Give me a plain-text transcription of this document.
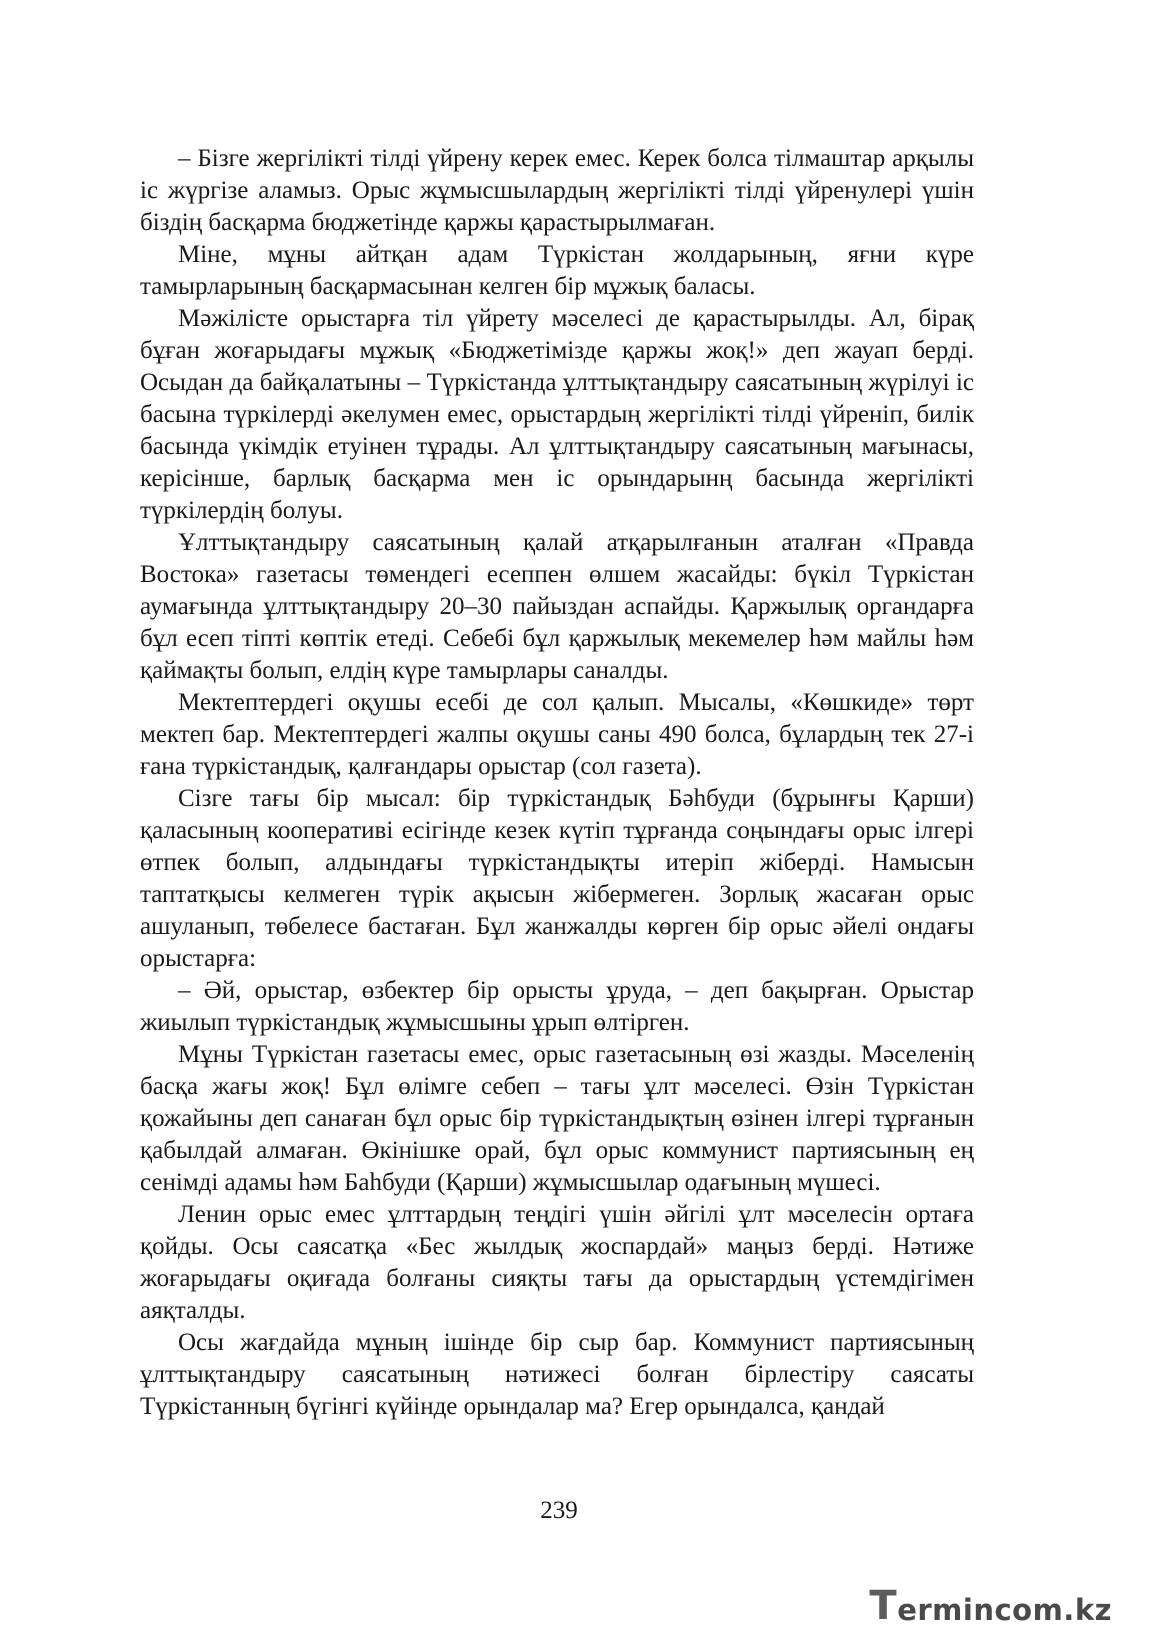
– Бізге жергілікті тілді үйрену керек емес. Керек болса тілмаштар арқылы іс жүргізе аламыз. Орыс жұмысшылардың жергілікті тілді үйренулері үшін біздің басқарма бюджетінде қаржы қарастырылмаған.

Міне, мұны айтқан адам Түркістан жолдарының, яғни күре тамырларының басқармасынан келген бір мұжық баласы.

Мәжілісте орыстарға тіл үйрету мәселесі де қарастырылды. Ал, бірақ бұған жоғарыдағы мұжық «Бюджетімізде қаржы жоқ!» деп жауап берді. Осыдан да байқалатыны – Түркістанда ұлттықтандыру саясатының жүрілуі іс басына түркілерді әкелумен емес, орыстардың жергілікті тілді үйреніп, билік басында үкімдік етуінен тұрады. Ал ұлттықтандыру саясатының мағынасы, керісінше, барлық басқарма мен іс орындарынң басында жергілікті түркілердің болуы.

Ұлттықтандыру саясатының қалай атқарылғанын аталған «Правда Востока» газетасы төмендегі есеппен өлшем жасайды: бүкіл Түркістан аумағында ұлттықтандыру 20–30 пайыздан аспайды. Қаржылық органдарға бұл есеп тіпті көптік етеді. Себебі бұл қаржылық мекемелер һәм майлы һәм қаймақты болып, елдің күре тамырлары саналды.

Мектептердегі оқушы есебі де сол қалып. Мысалы, «Көшкиде» төрт мектеп бар. Мектептердегі жалпы оқушы саны 490 болса, бұлардың тек 27-і ғана түркістандық, қалғандары орыстар (сол газета).

Сізге тағы бір мысал: бір түркістандық Бәһбуди (бұрынғы Қарши) қаласының кооперативі есігінде кезек күтіп тұрғанда соңындағы орыс ілгері өтпек болып, алдындағы түркістандықты итеріп жіберді. Намысын таптатқысы келмеген түрік ақысын жібермеген. Зорлық жасаған орыс ашуланып, төбелесе бастаған. Бұл жанжалды көрген бір орыс әйелі ондағы орыстарға:

– Әй, орыстар, өзбектер бір орысты ұруда, – деп бақырған. Орыстар жиылып түркістандық жұмысшыны ұрып өлтірген.

Мұны Түркістан газетасы емес, орыс газетасының өзі жазды. Мәселенің басқа жағы жоқ! Бұл өлімге себеп – тағы ұлт мәселесі. Өзін Түркістан қожайыны деп санаған бұл орыс бір түркістандықтың өзінен ілгері тұрғанын қабылдай алмаған. Өкінішке орай, бұл орыс коммунист партиясының ең сенімді адамы һәм Баһбуди (Қарши) жұмысшылар одағының мүшесі.

Ленин орыс емес ұлттардың теңдігі үшін әйгілі ұлт мәселесін ортаға қойды. Осы саясатқа «Бес жылдық жоспардай» маңыз берді. Нәтиже жоғарыдағы оқиғада болғаны сияқты тағы да орыстардың үстемдігімен аяқталды.

Осы жағдайда мұның ішінде бір сыр бар. Коммунист партиясының ұлттықтандыру саясатының нәтижесі болған бірлестіру саясаты Түркістанның бүгінгі күйінде орындалар ма? Егер орындалса, қандай

239
T ermincom.kz
